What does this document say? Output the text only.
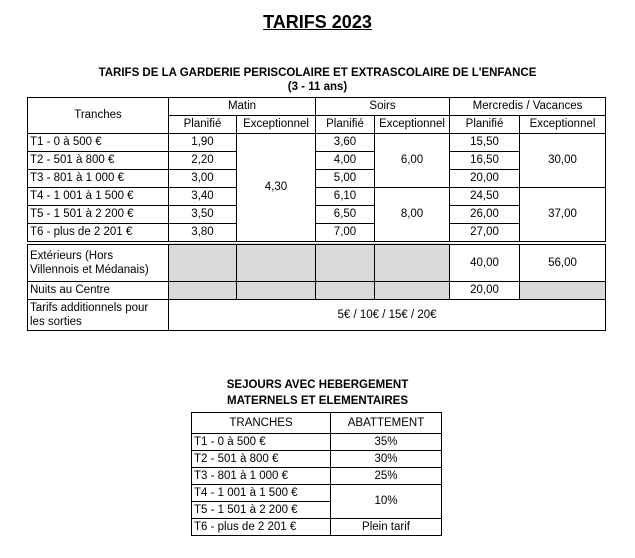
TARIFS 2023
TARIFS DE LA GARDERIE PERISCOLAIRE ET EXTRASCOLAIRE DE L'ENFANCE
(3 - 11 ans)
Tranches	Matin		Soirs		Mercredis / Vacances	
	Planifié	Exceptionnel	Planifié	Exceptionnel	Planifié	Exceptionnel
T1 - 0 à 500 €	1,90	4,30	3,60	6,00	15,50	30,00
T2 - 501 à 800 €	2,20		4,00		16,50	
T3 - 801 à 1 000 €	3,00		5,00		20,00	
T4 - 1 001 à 1 500 €	3,40		6,10	8,00	24,50	37,00
T5 - 1 501 à 2 200 €	3,50		6,50		26,00	
T6 - plus de 2 201 €	3,80		7,00		27,00	

Extérieurs (Hors
Villennois et Médanais)					40,00	56,00
Nuits au Centre					20,00	

Tarifs additionnels pour
les sorties	5€ / 10€ / 15€ / 20€					
SEJOURS AVEC HEBERGEMENT
MATERNELS ET ELEMENTAIRES
TRANCHES	ABATTEMENT
T1 - 0 à 500 €	35%
T2 - 501 à 800 €	30%
T3 - 801 à 1 000 €	25%
T4 - 1 001 à 1 500 €	10%
T5 - 1 501 à 2 200 €	
T6 - plus de 2 201 €	Plein tarif
